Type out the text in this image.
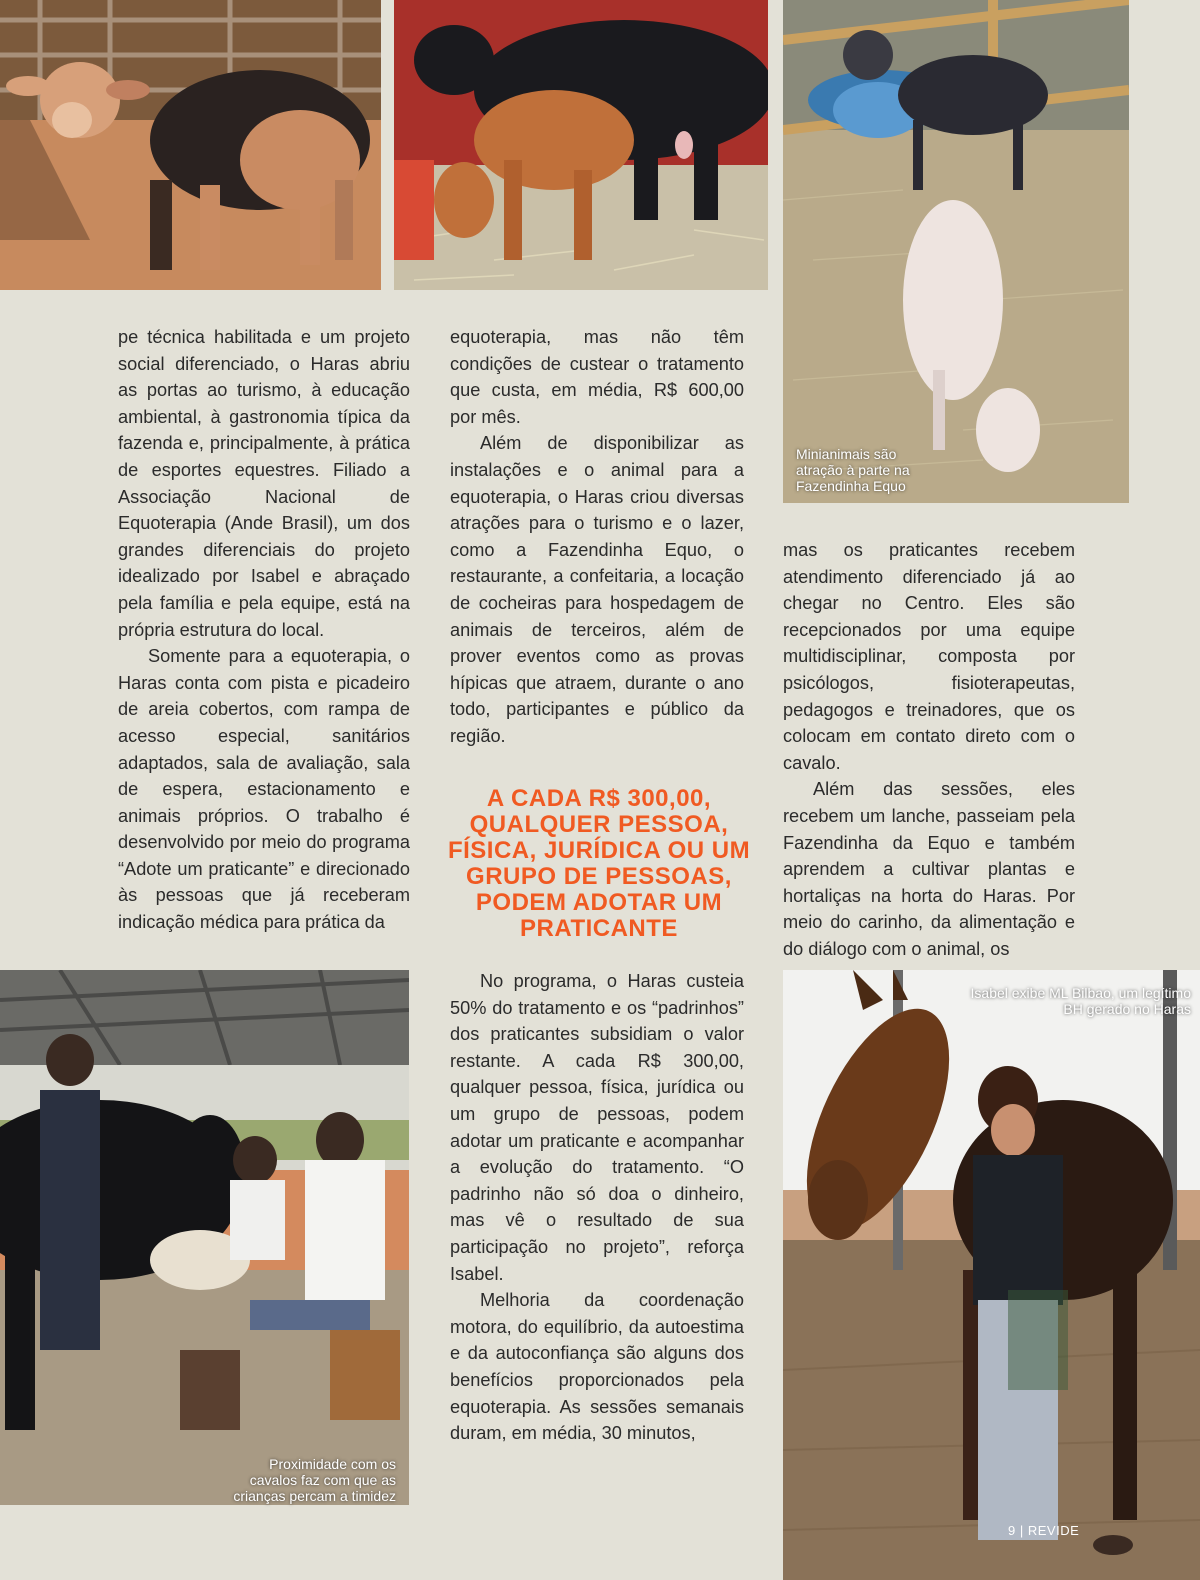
Minianimais são atração à parte na Fazendinha Equo

pe técnica habilitada e um projeto social diferenciado, o Haras abriu as portas ao turismo, à educação ambiental, à gastronomia típica da fazenda e, principalmente, à prática de esportes equestres. Filiado a Associação Nacional de Equoterapia (Ande Brasil), um dos grandes diferenciais do projeto idealizado por Isabel e abraçado pela família e pela equipe, está na própria estrutura do local.

Somente para a equoterapia, o Haras conta com pista e picadeiro de areia cobertos, com rampa de acesso especial, sanitários adaptados, sala de avaliação, sala de espera, estacionamento e animais próprios. O trabalho é desenvolvido por meio do programa “Adote um praticante” e direcionado às pessoas que já receberam indicação médica para prática da

equoterapia, mas não têm condições de custear o tratamento que custa, em média, R$ 600,00 por mês.

Além de disponibilizar as instalações e o animal para a equoterapia, o Haras criou diversas atrações para o turismo e o lazer, como a Fazendinha Equo, o restaurante, a confeitaria, a locação de cocheiras para hospedagem de animais de terceiros, além de prover eventos como as provas hípicas que atraem, durante o ano todo, participantes e público da região.

A CADA R$ 300,00, QUALQUER PESSOA, FÍSICA, JURÍDICA OU UM GRUPO DE PESSOAS, PODEM ADOTAR UM PRATICANTE

No programa, o Haras custeia 50% do tratamento e os “padrinhos” dos praticantes subsidiam o valor restante. A cada R$ 300,00, qualquer pessoa, física, jurídica ou um grupo de pessoas, podem adotar um praticante e acompanhar a evolução do tratamento. “O padrinho não só doa o dinheiro, mas vê o resultado de sua participação no projeto”, reforça Isabel.

Melhoria da coordenação motora, do equilíbrio, da autoestima e da autoconfiança são alguns dos benefícios proporcionados pela equoterapia. As sessões semanais duram, em média, 30 minutos,

mas os praticantes recebem atendimento diferenciado já ao chegar no Centro. Eles são recepcionados por uma equipe multidisciplinar, composta por psicólogos, fisioterapeutas, pedagogos e treinadores, que os colocam em contato direto com o cavalo.

Além das sessões, eles recebem um lanche, passeiam pela Fazendinha da Equo e também aprendem a cultivar plantas e hortaliças na horta do Haras. Por meio do carinho, da alimentação e do diálogo com o animal, os

Proximidade com os cavalos faz com que as crianças percam a timidez
Isabel exibe ML Bilbao, um legítimo BH gerado no Haras
9 | REVIDE
